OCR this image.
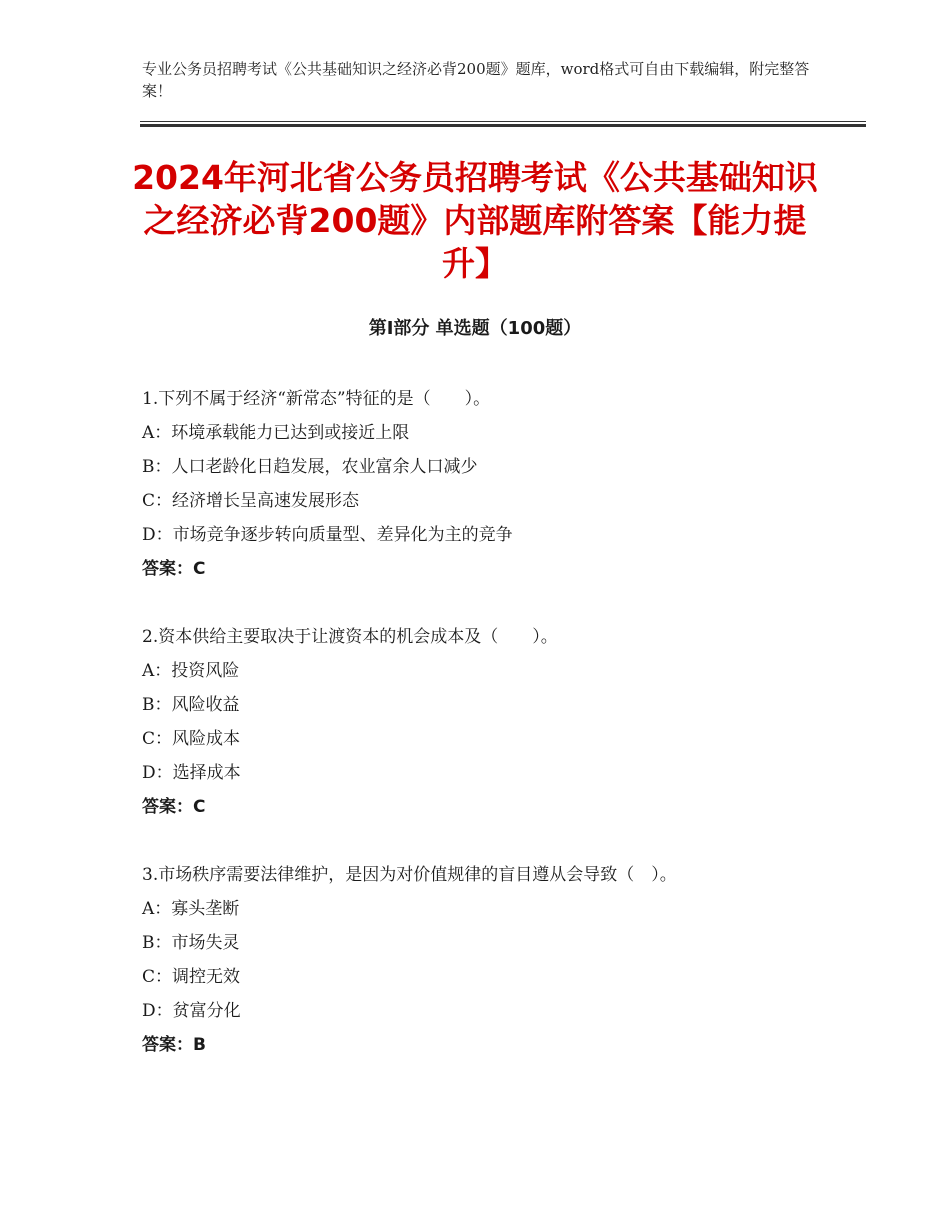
专业公务员招聘考试《公共基础知识之经济必背200题》题库，word格式可自由下载编辑，附完整答案！
2024年河北省公务员招聘考试《公共基础知识之经济必背200题》内部题库附答案【能力提升】
第Ⅰ部分 单选题（100题）

1.下列不属于经济“新常态”特征的是（　　）。

A：环境承载能力已达到或接近上限

B：人口老龄化日趋发展，农业富余人口减少

C：经济增长呈高速发展形态

D：市场竞争逐步转向质量型、差异化为主的竞争

答案：C

2.资本供给主要取决于让渡资本的机会成本及（　　）。

A：投资风险

B：风险收益

C：风险成本

D：选择成本

答案：C

3.市场秩序需要法律维护，是因为对价值规律的盲目遵从会导致（　）。

A：寡头垄断

B：市场失灵

C：调控无效

D：贫富分化

答案：B
